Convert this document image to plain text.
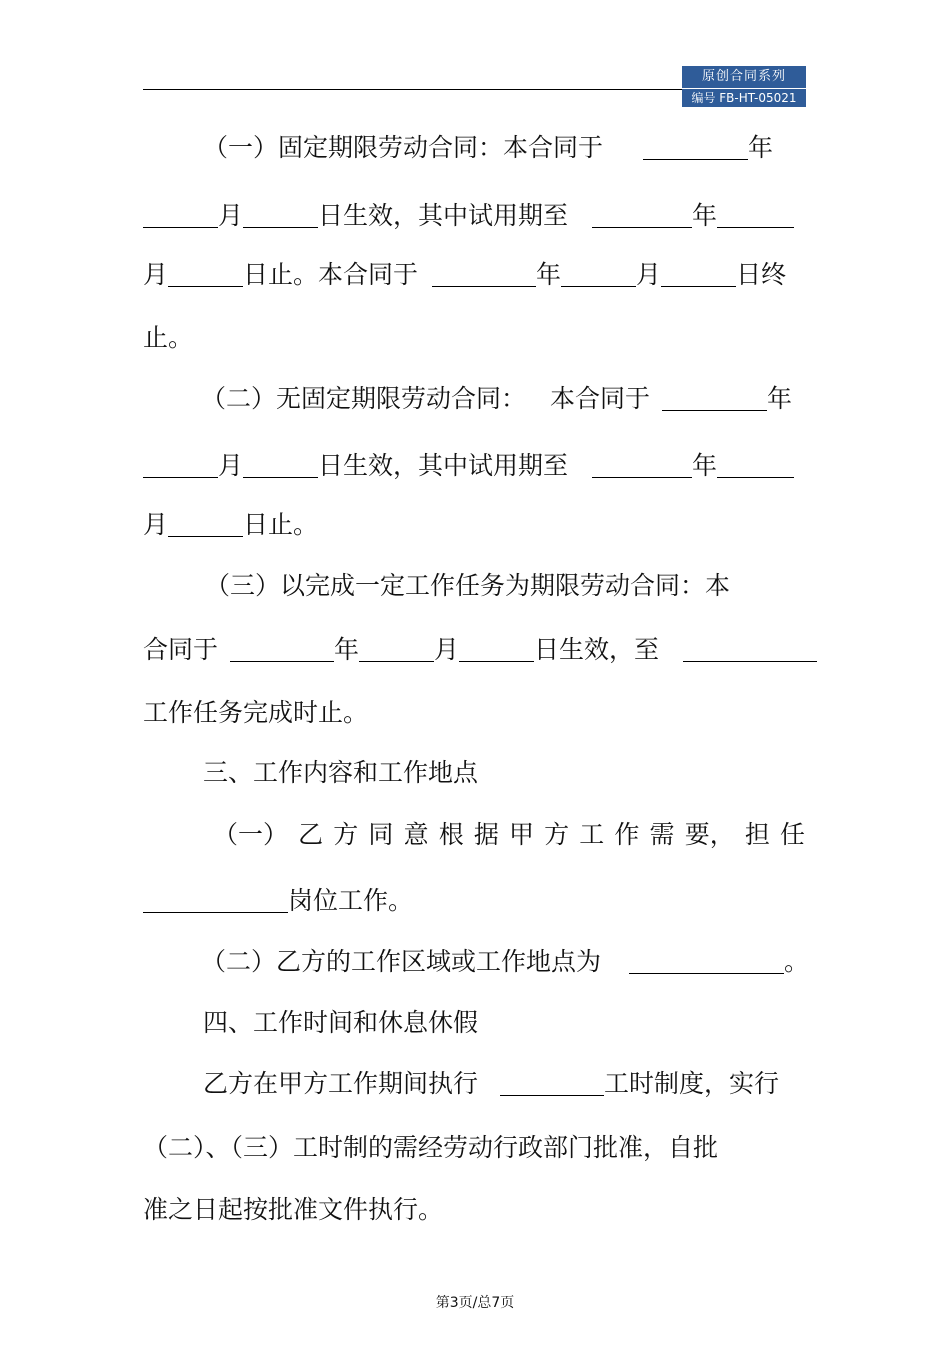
原创合同系列
编号 FB-HT-05021
（一）固定期限劳动合同：本合同于	年
月	日生效，其中试用期至	年
月	日止。本合同于	年	月	日终
止。
（二）无固定期限劳动合同： 本合同于	年
月	日生效，其中试用期至	年
月	日止。
（三）以完成一定工作任务为期限劳动合同：本
合同于	年	月	日生效，至
工作任务完成时止。
三、工作内容和工作地点
（一） 乙 方 同 意 根 据 甲 方 工 作 需 要， 担 任
岗位工作。
（二）乙方的工作区域或工作地点为	。
四、工作时间和休息休假
乙方在甲方工作期间执行	工时制度，实行
（二）、（三）工时制的需经劳动行政部门批准，自批
准之日起按批准文件执行。
第3页/总7页
